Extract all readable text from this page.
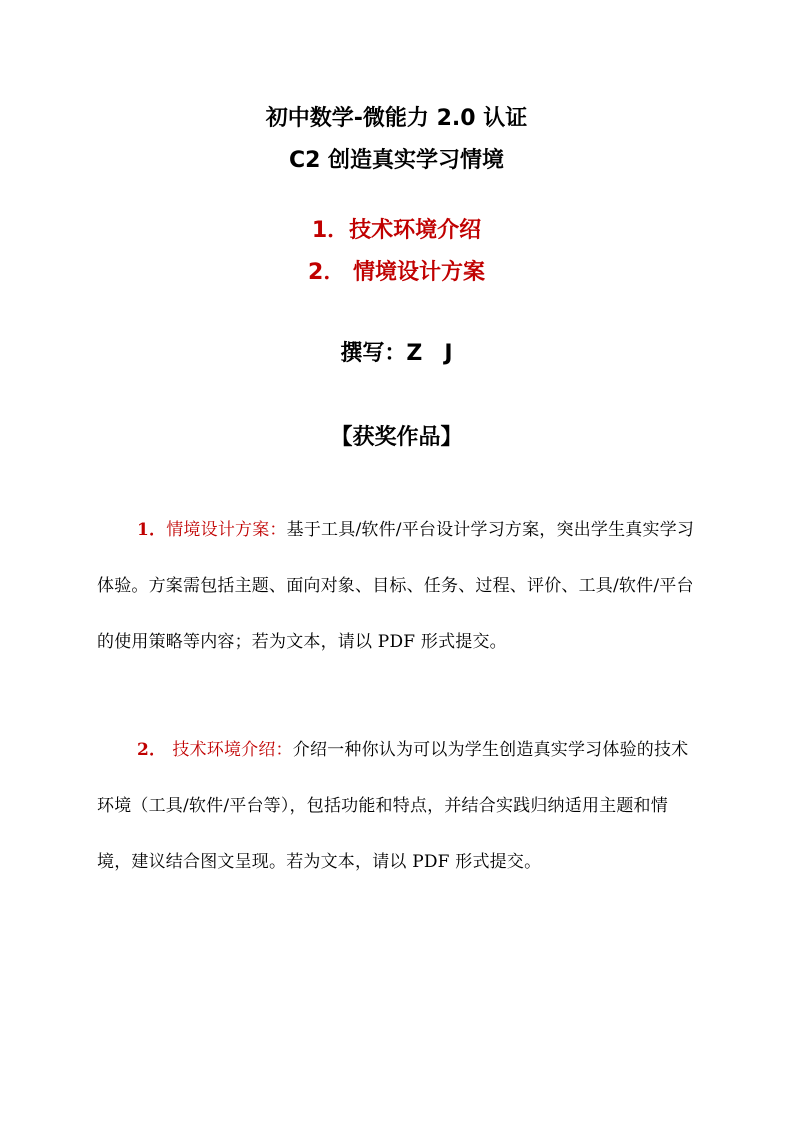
初中数学-微能力 2.0 认证
C2 创造真实学习情境
1．技术环境介绍
2． 情境设计方案
撰写：Z　J
【获奖作品】
1．情境设计方案：基于工具/软件/平台设计学习方案，突出学生真实学习体验。方案需包括主题、面向对象、目标、任务、过程、评价、工具/软件/平台的使用策略等内容；若为文本，请以 PDF 形式提交。
2． 技术环境介绍：介绍一种你认为可以为学生创造真实学习体验的技术环境（工具/软件/平台等），包括功能和特点，并结合实践归纳适用主题和情境，建议结合图文呈现。若为文本，请以 PDF 形式提交。
